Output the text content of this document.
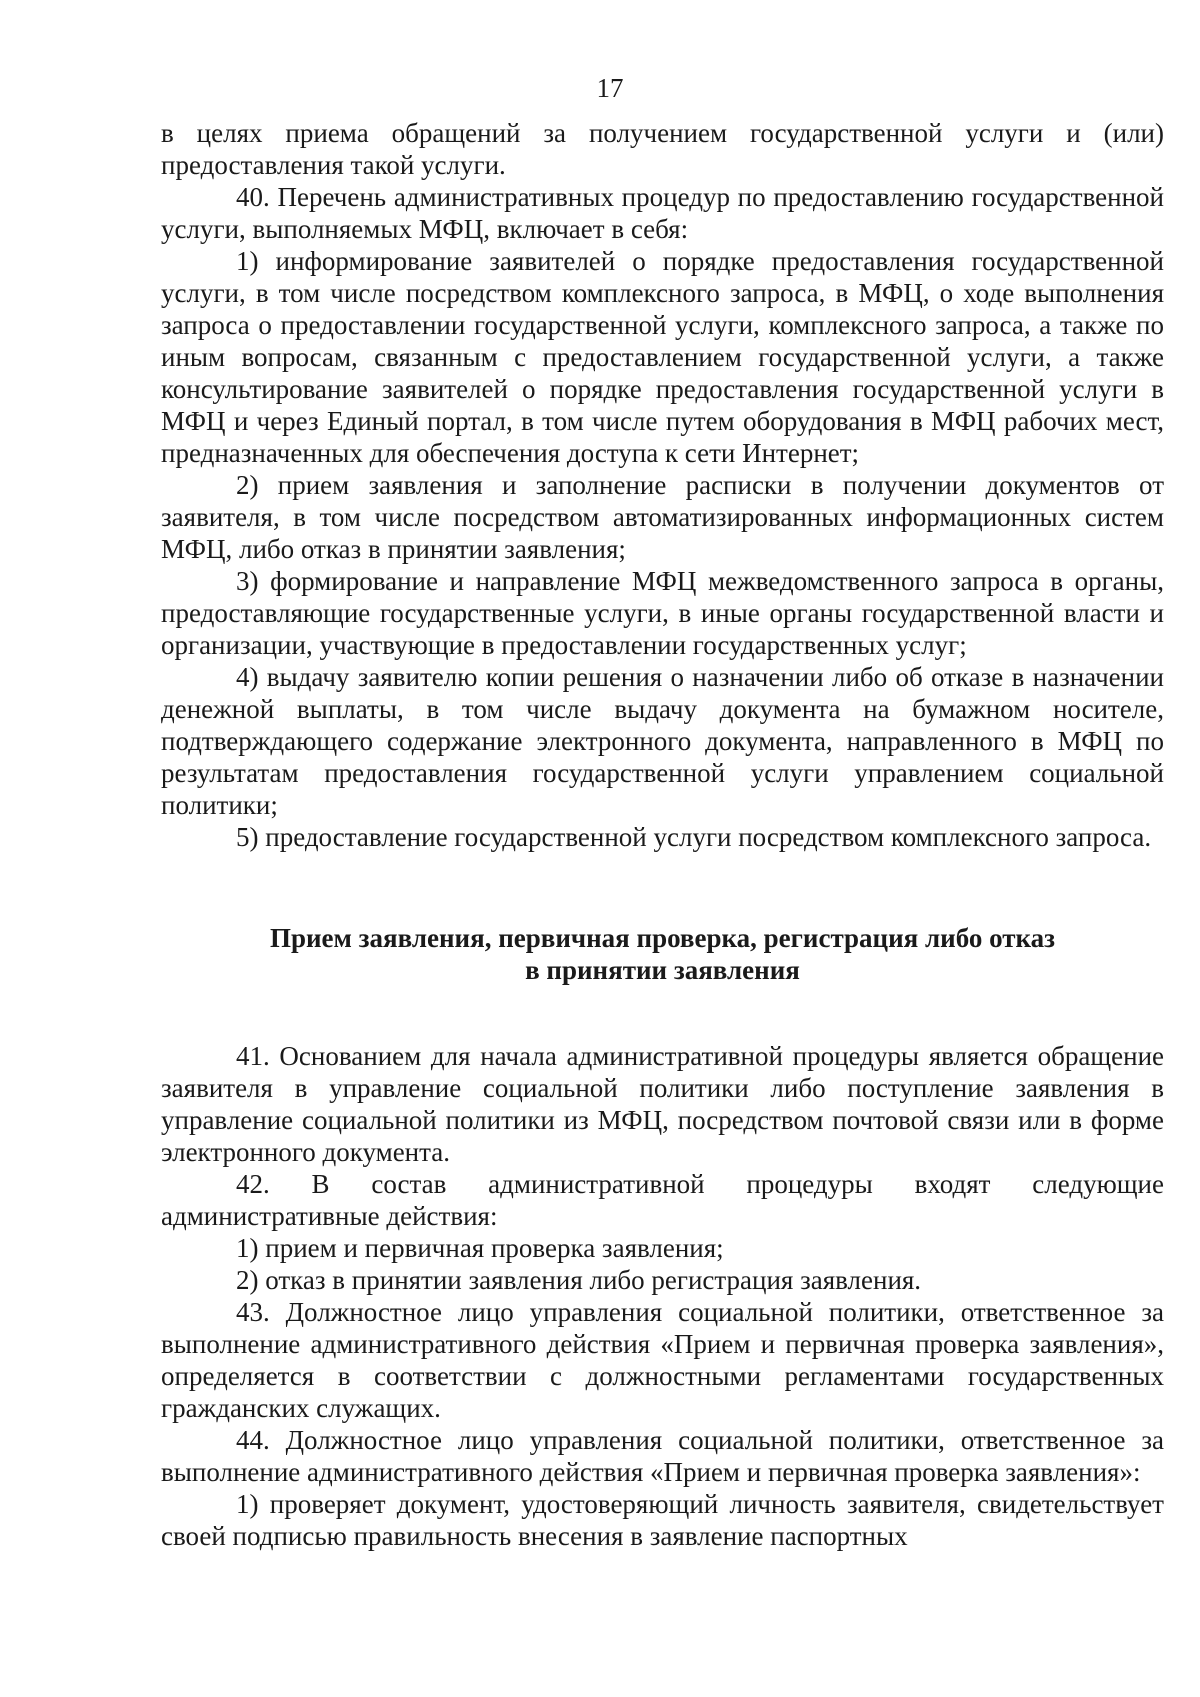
17

в целях приема обращений за получением государственной услуги и (или) предоставления такой услуги.

40. Перечень административных процедур по предоставлению государственной услуги, выполняемых МФЦ, включает в себя:

1) информирование заявителей о порядке предоставления государственной услуги, в том числе посредством комплексного запроса, в МФЦ, о ходе выполнения запроса о предоставлении государственной услуги, комплексного запроса, а также по иным вопросам, связанным с предоставлением государственной услуги, а также консультирование заявителей о порядке предоставления государственной услуги в МФЦ и через Единый портал, в том числе путем оборудования в МФЦ рабочих мест, предназначенных для обеспечения доступа к сети Интернет;

2) прием заявления и заполнение расписки в получении документов от заявителя, в том числе посредством автоматизированных информационных систем МФЦ, либо отказ в принятии заявления;

3) формирование и направление МФЦ межведомственного запроса в органы, предоставляющие государственные услуги, в иные органы государственной власти и организации, участвующие в предоставлении государственных услуг;

4) выдачу заявителю копии решения о назначении либо об отказе в назначении денежной выплаты, в том числе выдачу документа на бумажном носителе, подтверждающего содержание электронного документа, направленного в МФЦ по результатам предоставления государственной услуги управлением социальной политики;

5) предоставление государственной услуги посредством комплексного запроса.

Прием заявления, первичная проверка, регистрация либо отказ
в принятии заявления

41. Основанием для начала административной процедуры является обращение заявителя в управление социальной политики либо поступление заявления в управление социальной политики из МФЦ, посредством почтовой связи или в форме электронного документа.

42. В состав административной процедуры входят следующие административные действия:

1) прием и первичная проверка заявления;

2) отказ в принятии заявления либо регистрация заявления.

43. Должностное лицо управления социальной политики, ответственное за выполнение административного действия «Прием и первичная проверка заявления», определяется в соответствии с должностными регламентами государственных гражданских служащих.

44. Должностное лицо управления социальной политики, ответственное за выполнение административного действия «Прием и первичная проверка заявления»:

1) проверяет документ, удостоверяющий личность заявителя, свидетельствует своей подписью правильность внесения в заявление паспортных
